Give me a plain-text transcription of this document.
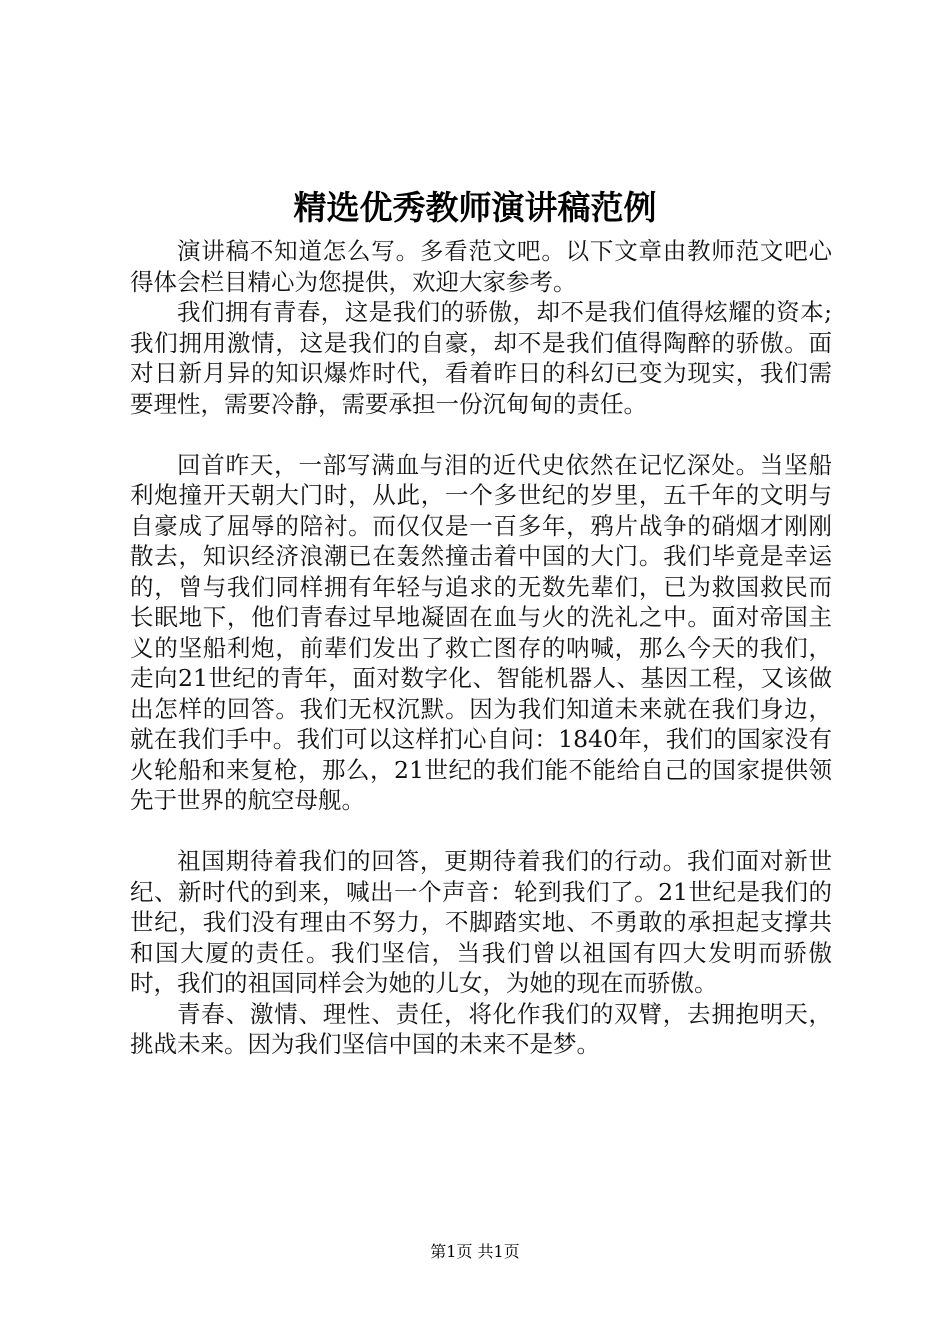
精选优秀教师演讲稿范例

演讲稿不知道怎么写。多看范文吧。以下文章由教师范文吧心得体会栏目精心为您提供，欢迎大家参考。

我们拥有青春，这是我们的骄傲，却不是我们值得炫耀的资本;我们拥用激情，这是我们的自豪，却不是我们值得陶醉的骄傲。面对日新月异的知识爆炸时代，看着昨日的科幻已变为现实，我们需要理性，需要冷静，需要承担一份沉甸甸的责任。

回首昨天，一部写满血与泪的近代史依然在记忆深处。当坚船利炮撞开天朝大门时，从此，一个多世纪的岁里，五千年的文明与自豪成了屈辱的陪衬。而仅仅是一百多年，鸦片战争的硝烟才刚刚散去，知识经济浪潮已在轰然撞击着中国的大门。我们毕竟是幸运的，曾与我们同样拥有年轻与追求的无数先辈们，已为救国救民而长眠地下，他们青春过早地凝固在血与火的洗礼之中。面对帝国主义的坚船利炮，前辈们发出了救亡图存的呐喊，那么今天的我们，走向21世纪的青年，面对数字化、智能机器人、基因工程，又该做出怎样的回答。我们无权沉默。因为我们知道未来就在我们身边，就在我们手中。我们可以这样扪心自问：1840年，我们的国家没有火轮船和来复枪，那么，21世纪的我们能不能给自己的国家提供领先于世界的航空母舰。

祖国期待着我们的回答，更期待着我们的行动。我们面对新世纪、新时代的到来，喊出一个声音：轮到我们了。21世纪是我们的世纪，我们没有理由不努力，不脚踏实地、不勇敢的承担起支撑共和国大厦的责任。我们坚信，当我们曾以祖国有四大发明而骄傲时，我们的祖国同样会为她的儿女，为她的现在而骄傲。

青春、激情、理性、责任，将化作我们的双臂，去拥抱明天，挑战未来。因为我们坚信中国的未来不是梦。

第1页 共1页
